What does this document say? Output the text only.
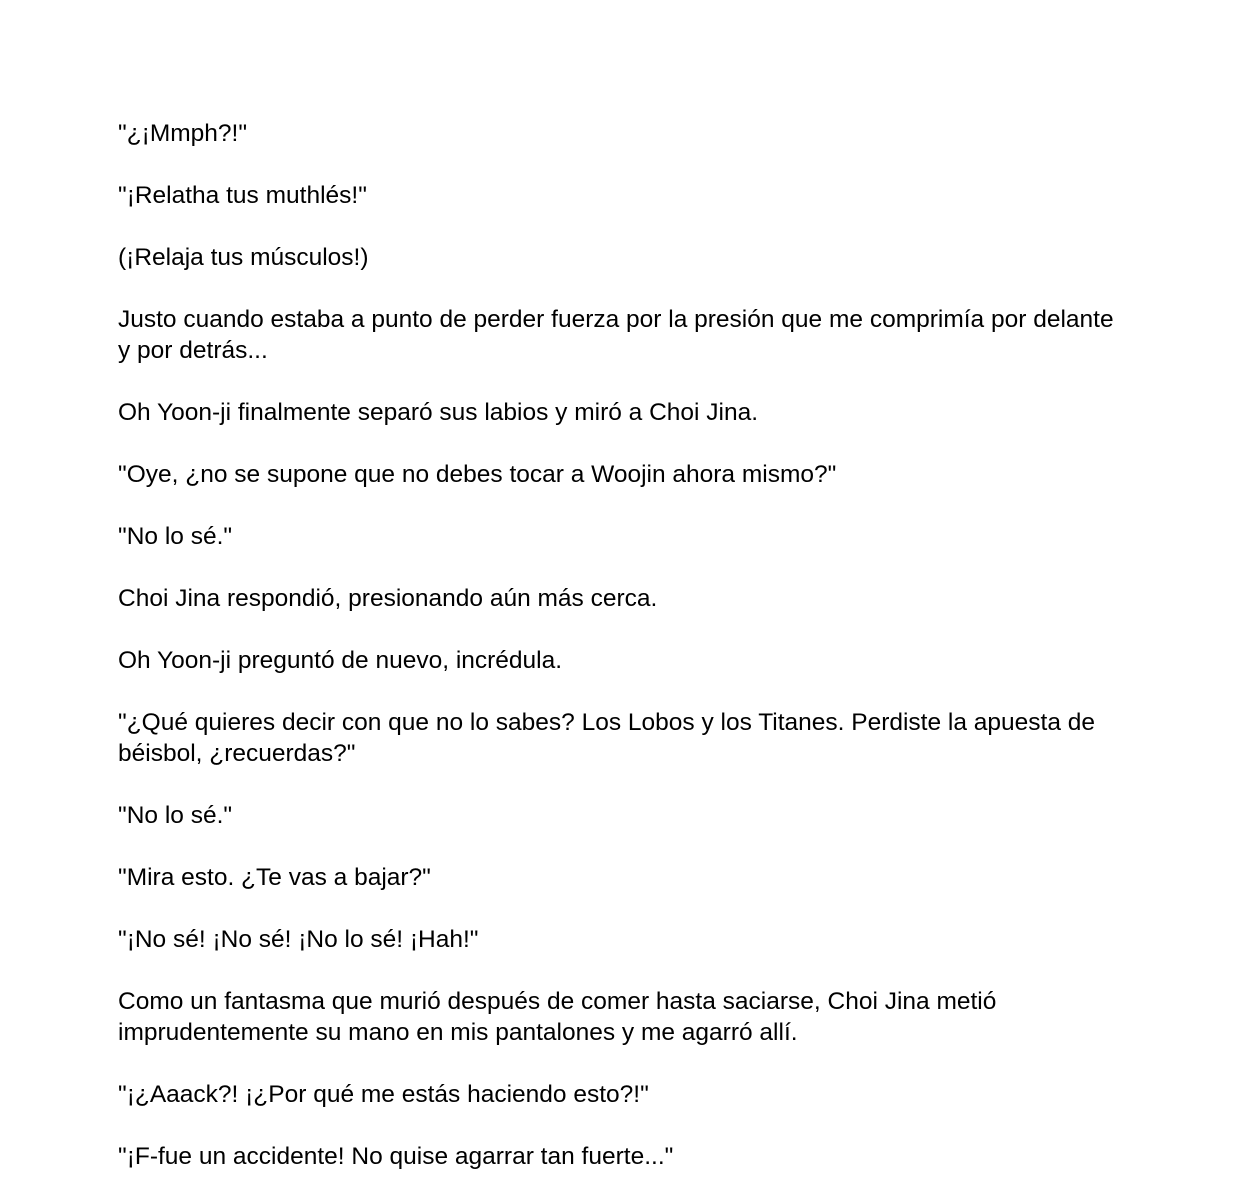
"¿¡Mmph?!"

"¡Relatha tus muthlés!"

(¡Relaja tus músculos!)

Justo cuando estaba a punto de perder fuerza por la presión que me comprimía por delante y por detrás...

Oh Yoon-ji finalmente separó sus labios y miró a Choi Jina.

"Oye, ¿no se supone que no debes tocar a Woojin ahora mismo?"

"No lo sé."

Choi Jina respondió, presionando aún más cerca.

Oh Yoon-ji preguntó de nuevo, incrédula.

"¿Qué quieres decir con que no lo sabes? Los Lobos y los Titanes. Perdiste la apuesta de béisbol, ¿recuerdas?"

"No lo sé."

"Mira esto. ¿Te vas a bajar?"

"¡No sé! ¡No sé! ¡No lo sé! ¡Hah!"

Como un fantasma que murió después de comer hasta saciarse, Choi Jina metió imprudentemente su mano en mis pantalones y me agarró allí.

"¡¿Aaack?! ¡¿Por qué me estás haciendo esto?!"

"¡F-fue un accidente! No quise agarrar tan fuerte..."
